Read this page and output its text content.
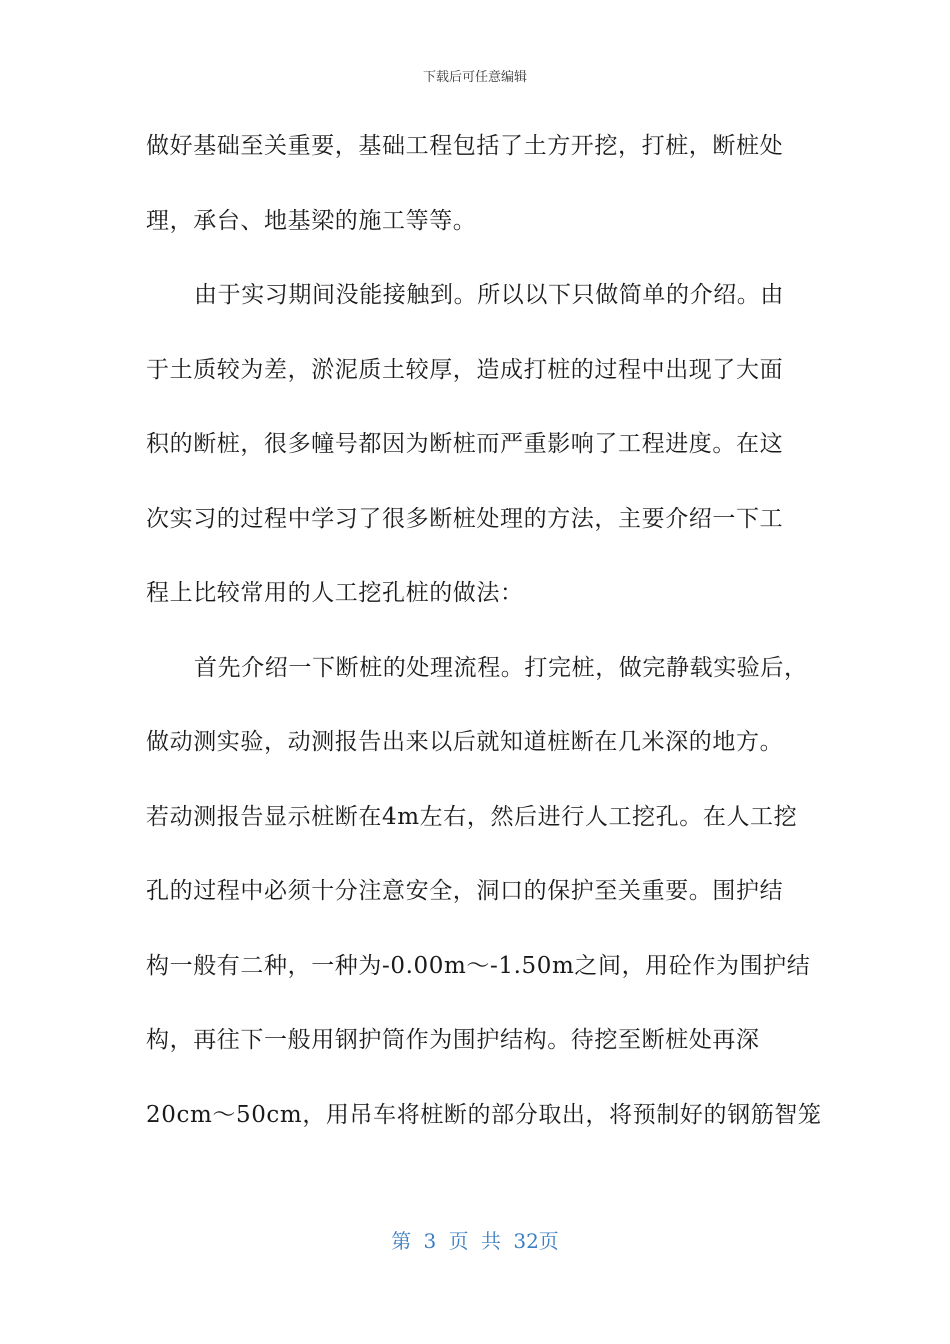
下载后可任意编辑
做好基础至关重要，基础工程包括了土方开挖，打桩，断桩处
理，承台、地基梁的施工等等。
由于实习期间没能接触到。所以以下只做简单的介绍。由
于土质较为差，淤泥质土较厚，造成打桩的过程中出现了大面
积的断桩，很多幢号都因为断桩而严重影响了工程进度。在这
次实习的过程中学习了很多断桩处理的方法，主要介绍一下工
程上比较常用的人工挖孔桩的做法：
首先介绍一下断桩的处理流程。打完桩，做完静载实验后，
做动测实验，动测报告出来以后就知道桩断在几米深的地方。
若动测报告显示桩断在4m左右，然后进行人工挖孔。在人工挖
孔的过程中必须十分注意安全，洞口的保护至关重要。围护结
构一般有二种，一种为-0.00m～-1.50m之间，用砼作为围护结
构，再往下一般用钢护筒作为围护结构。待挖至断桩处再深
20cm～50cm，用吊车将桩断的部分取出，将预制好的钢筋智笼
第 3 页 共 32页
